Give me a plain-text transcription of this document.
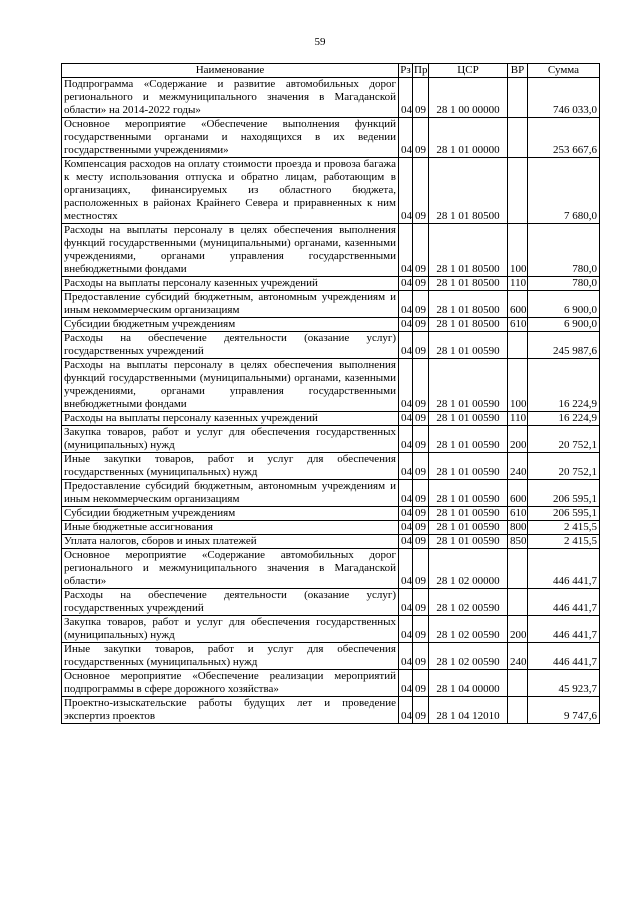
59
Наименование	Рз	Пр	ЦСР	ВР	Сумма
Подпрограмма «Содержание и развитие автомобильных дорог регионального и межмуниципального значения в Магаданской области» на 2014-2022 годы»	04	09	28 1 00 00000		746 033,0
Основное мероприятие «Обеспечение выполнения функций государственными органами и находящихся в их ведении государственными учреждениями»	04	09	28 1 01 00000		253 667,6
Компенсация расходов на оплату стоимости проезда и провоза багажа к месту использования отпуска и обратно лицам, работающим в организациях, финансируемых из областного бюджета, расположенных в районах Крайнего Севера и приравненных к ним местностях	04	09	28 1 01 80500		7 680,0
Расходы на выплаты персоналу в целях обеспечения выполнения функций государственными (муниципальными) органами, казенными учреждениями, органами управления государственными внебюджетными фондами	04	09	28 1 01 80500	100	780,0
Расходы на выплаты персоналу казенных учреждений	04	09	28 1 01 80500	110	780,0
Предоставление субсидий бюджетным, автономным учреждениям и иным некоммерческим организациям	04	09	28 1 01 80500	600	6 900,0
Субсидии бюджетным учреждениям	04	09	28 1 01 80500	610	6 900,0
Расходы на обеспечение деятельности (оказание услуг) государственных учреждений	04	09	28 1 01 00590		245 987,6
Расходы на выплаты персоналу в целях обеспечения выполнения функций государственными (муниципальными) органами, казенными учреждениями, органами управления государственными внебюджетными фондами	04	09	28 1 01 00590	100	16 224,9
Расходы на выплаты персоналу казенных учреждений	04	09	28 1 01 00590	110	16 224,9
Закупка товаров, работ и услуг для обеспечения государственных (муниципальных) нужд	04	09	28 1 01 00590	200	20 752,1
Иные закупки товаров, работ и услуг для обеспечения государственных (муниципальных) нужд	04	09	28 1 01 00590	240	20 752,1
Предоставление субсидий бюджетным, автономным учреждениям и иным некоммерческим организациям	04	09	28 1 01 00590	600	206 595,1
Субсидии бюджетным учреждениям	04	09	28 1 01 00590	610	206 595,1
Иные бюджетные ассигнования	04	09	28 1 01 00590	800	2 415,5
Уплата налогов, сборов и иных платежей	04	09	28 1 01 00590	850	2 415,5
Основное мероприятие «Содержание автомобильных дорог регионального и межмуниципального значения в Магаданской области»	04	09	28 1 02 00000		446 441,7
Расходы на обеспечение деятельности (оказание услуг) государственных учреждений	04	09	28 1 02 00590		446 441,7
Закупка товаров, работ и услуг для обеспечения государственных (муниципальных) нужд	04	09	28 1 02 00590	200	446 441,7
Иные закупки товаров, работ и услуг для обеспечения государственных (муниципальных) нужд	04	09	28 1 02 00590	240	446 441,7
Основное мероприятие «Обеспечение реализации мероприятий подпрограммы в сфере дорожного хозяйства»	04	09	28 1 04 00000		45 923,7
Проектно-изыскательские работы будущих лет и проведение экспертиз проектов	04	09	28 1 04 12010		9 747,6
